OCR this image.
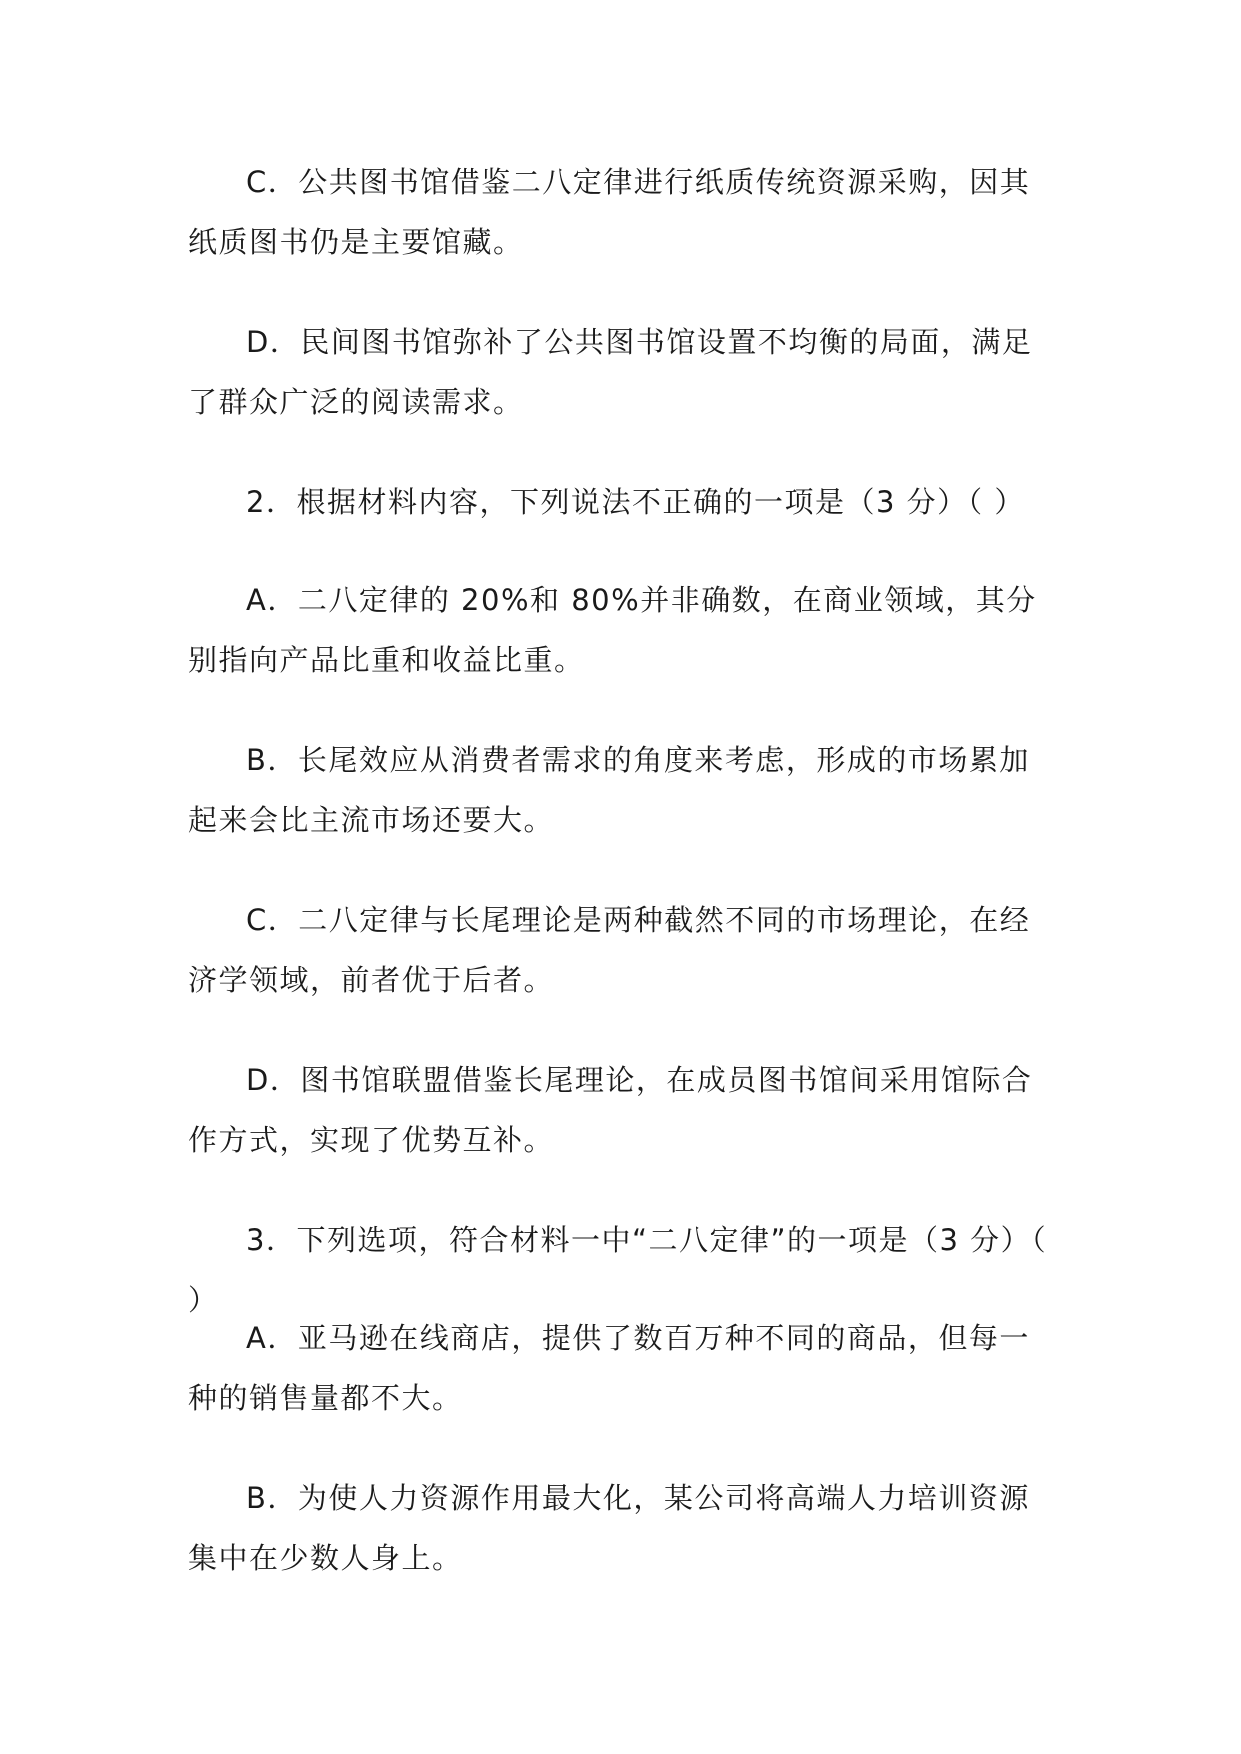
C．公共图书馆借鉴二八定律进行纸质传统资源采购，因其纸质图书仍是主要馆藏。

D．民间图书馆弥补了公共图书馆设置不均衡的局面，满足了群众广泛的阅读需求。

2．根据材料内容，下列说法不正确的一项是（3 分）（ ）

A．二八定律的 20%和 80%并非确数，在商业领域，其分别指向产品比重和收益比重。

B．长尾效应从消费者需求的角度来考虑，形成的市场累加起来会比主流市场还要大。

C．二八定律与长尾理论是两种截然不同的市场理论，在经济学领域，前者优于后者。

D．图书馆联盟借鉴长尾理论，在成员图书馆间采用馆际合作方式，实现了优势互补。

3．下列选项，符合材料一中“二八定律”的一项是（3 分）（ ）

A．亚马逊在线商店，提供了数百万种不同的商品，但每一种的销售量都不大。

B．为使人力资源作用最大化，某公司将高端人力培训资源集中在少数人身上。
